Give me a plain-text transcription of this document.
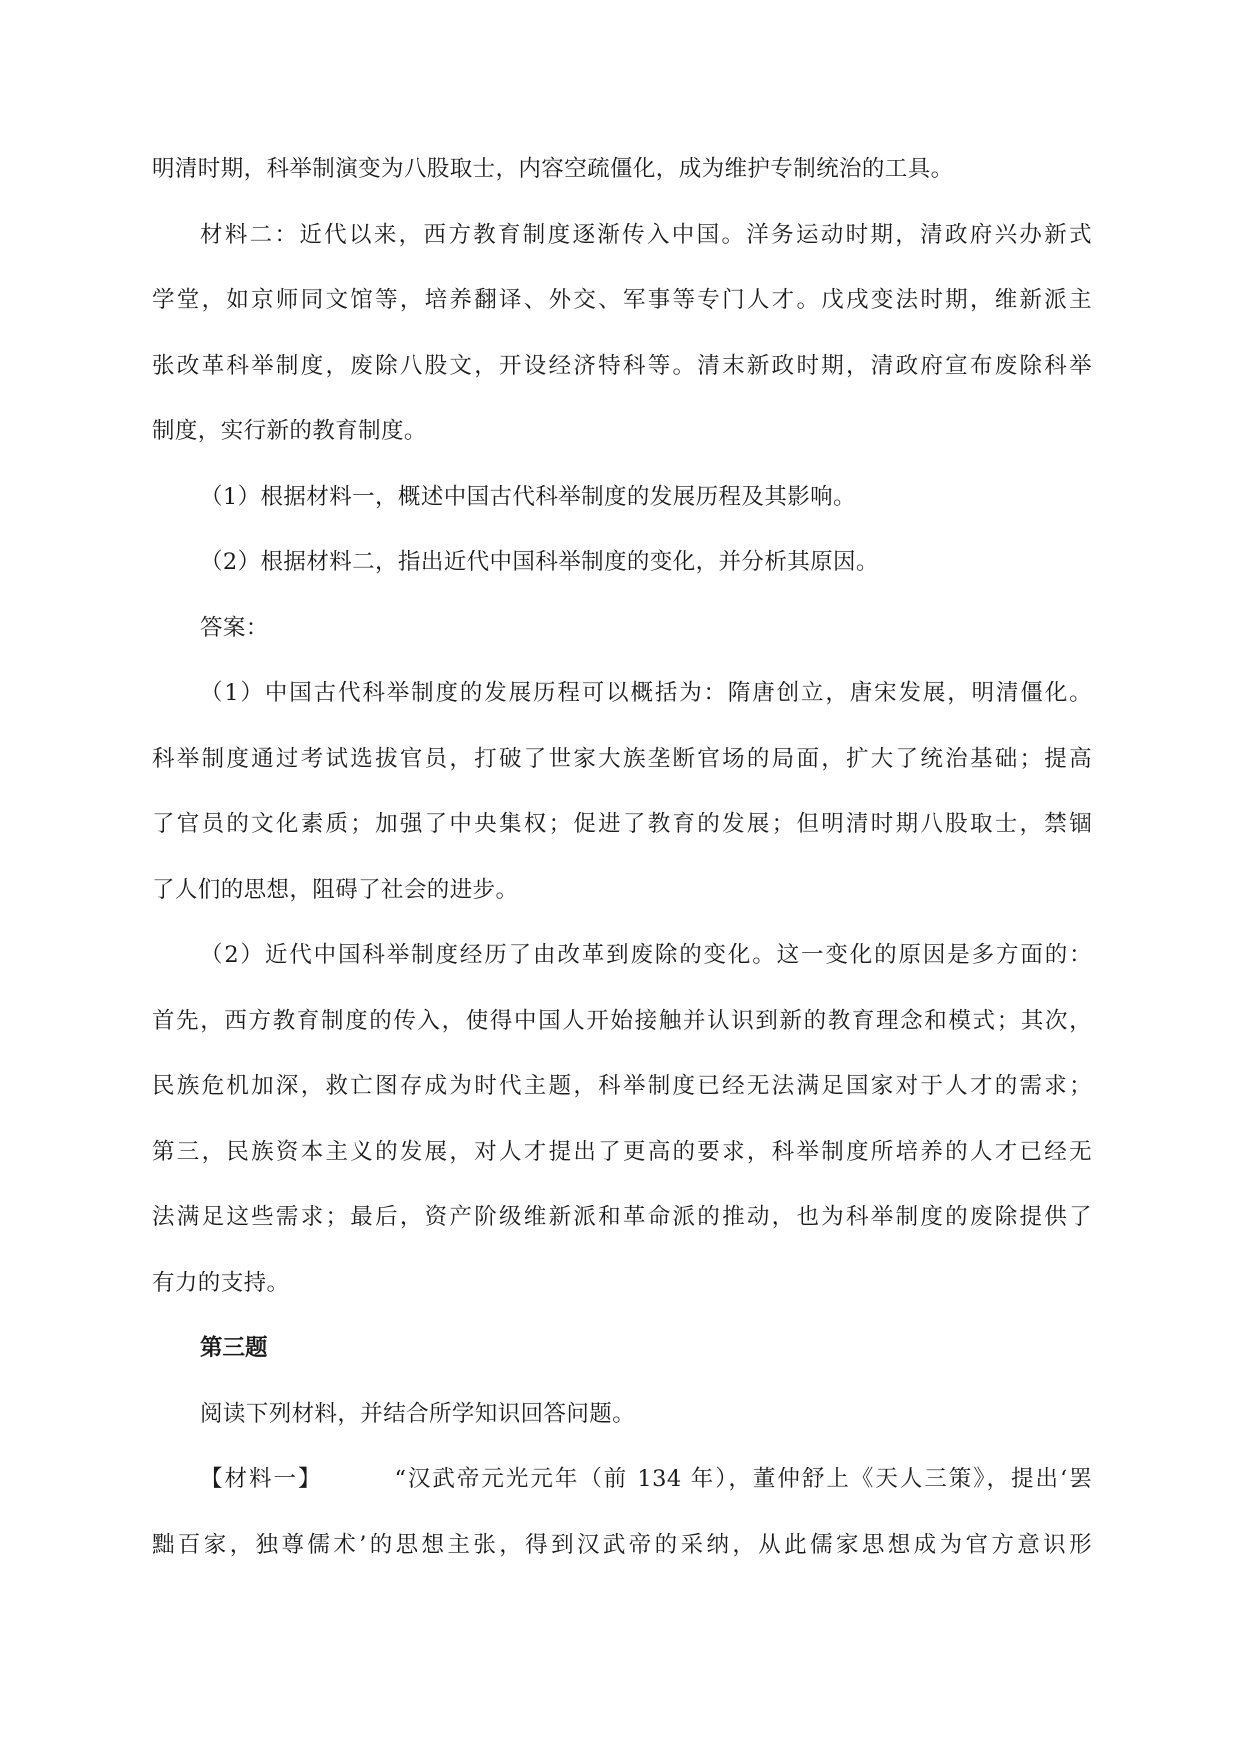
明清时期，科举制演变为八股取士，内容空疏僵化，成为维护专制统治的工具。

材料二：近代以来，西方教育制度逐渐传入中国。洋务运动时期，清政府兴办新式
学堂，如京师同文馆等，培养翻译、外交、军事等专门人才。戊戌变法时期，维新派主
张改革科举制度，废除八股文，开设经济特科等。清末新政时期，清政府宣布废除科举
制度，实行新的教育制度。

（1）根据材料一，概述中国古代科举制度的发展历程及其影响。

（2）根据材料二，指出近代中国科举制度的变化，并分析其原因。

答案：

（1）中国古代科举制度的发展历程可以概括为：隋唐创立，唐宋发展，明清僵化。
科举制度通过考试选拔官员，打破了世家大族垄断官场的局面，扩大了统治基础；提高
了官员的文化素质；加强了中央集权；促进了教育的发展；但明清时期八股取士，禁锢
了人们的思想，阻碍了社会的进步。

（2）近代中国科举制度经历了由改革到废除的变化。这一变化的原因是多方面的：
首先，西方教育制度的传入，使得中国人开始接触并认识到新的教育理念和模式；其次，
民族危机加深，救亡图存成为时代主题，科举制度已经无法满足国家对于人才的需求；
第三，民族资本主义的发展，对人才提出了更高的要求，科举制度所培养的人才已经无
法满足这些需求；最后，资产阶级维新派和革命派的推动，也为科举制度的废除提供了
有力的支持。

第三题

阅读下列材料，并结合所学知识回答问题。

【材料一】	“汉武帝元光元年（前 134 年），董仲舒上《天人三策》，提出‘罢
黜百家，独尊儒术’的思想主张，得到汉武帝的采纳，从此儒家思想成为官方意识形
